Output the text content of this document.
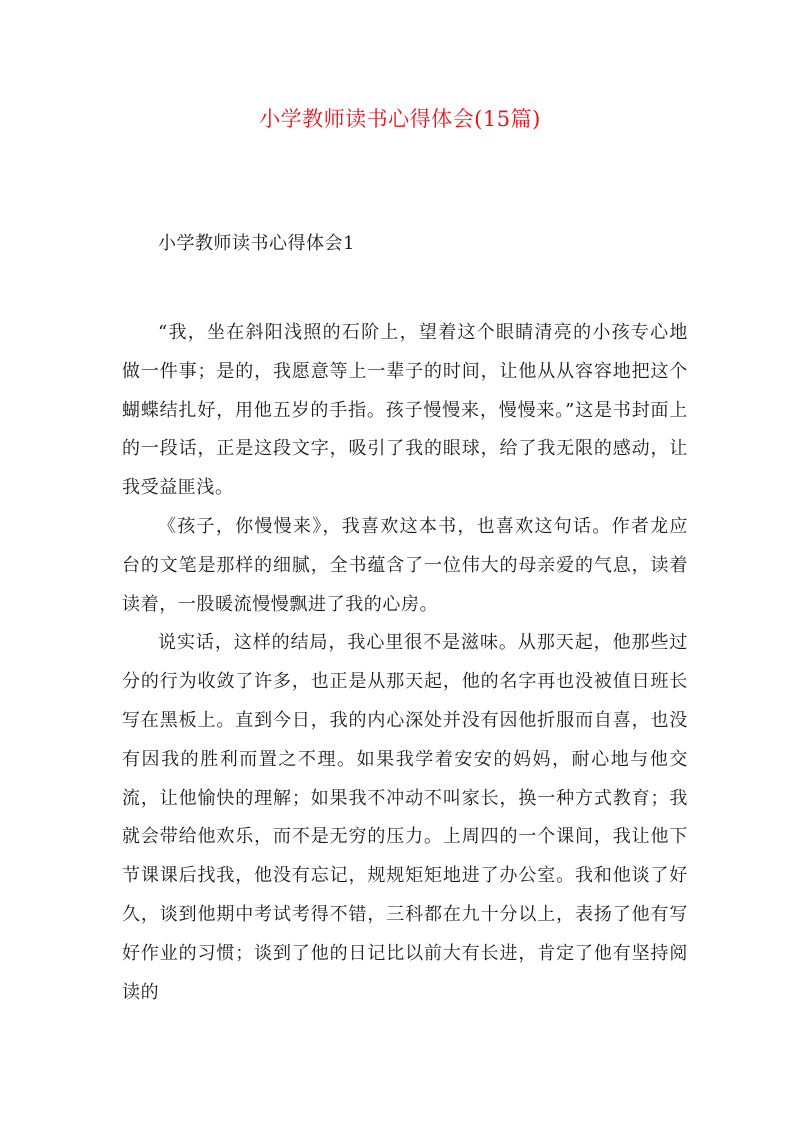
小学教师读书心得体会(15篇)
小学教师读书心得体会1

“我，坐在斜阳浅照的石阶上，望着这个眼睛清亮的小孩专心地做一件事；是的，我愿意等上一辈子的时间，让他从从容容地把这个蝴蝶结扎好，用他五岁的手指。孩子慢慢来，慢慢来。”这是书封面上的一段话，正是这段文字，吸引了我的眼球，给了我无限的感动，让我受益匪浅。

《孩子，你慢慢来》，我喜欢这本书，也喜欢这句话。作者龙应台的文笔是那样的细腻，全书蕴含了一位伟大的母亲爱的气息，读着读着，一股暖流慢慢飘进了我的心房。

说实话，这样的结局，我心里很不是滋味。从那天起，他那些过分的行为收敛了许多，也正是从那天起，他的名字再也没被值日班长写在黑板上。直到今日，我的内心深处并没有因他折服而自喜，也没有因我的胜利而置之不理。如果我学着安安的妈妈，耐心地与他交流，让他愉快的理解；如果我不冲动不叫家长，换一种方式教育；我就会带给他欢乐，而不是无穷的压力。上周四的一个课间，我让他下节课课后找我，他没有忘记，规规矩矩地进了办公室。我和他谈了好久，谈到他期中考试考得不错，三科都在九十分以上，表扬了他有写好作业的习惯；谈到了他的日记比以前大有长进，肯定了他有坚持阅读的
